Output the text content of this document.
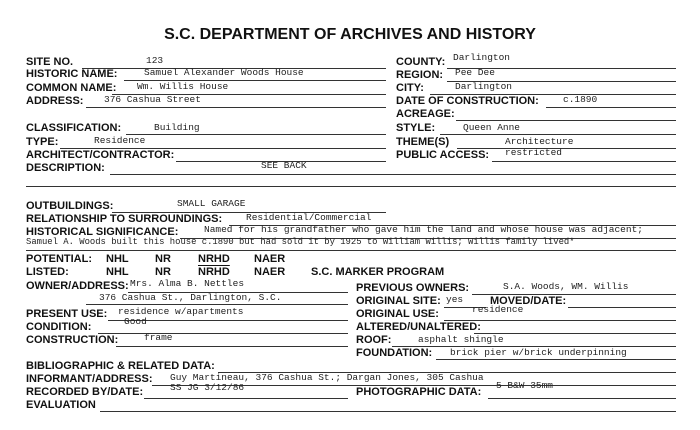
S.C. DEPARTMENT OF ARCHIVES AND HISTORY
SITE NO.	123
HISTORIC NAME:	Samuel Alexander Woods House
COMMON NAME: Wm. Willis House
ADDRESS: 376 Cashua Street
COUNTY: Darlington
REGION: Pee Dee
CITY:	Darlington
DATE OF CONSTRUCTION:	c.1890
ACREAGE:
CLASSIFICATION:	Building
TYPE:	Residence
ARCHITECT/CONTRACTOR:
DESCRIPTION:	SEE BACK
STYLE:	Queen Anne
THEME(S)	Architecture
PUBLIC ACCESS: restricted
OUTBUILDINGS:	SMALL GARAGE
RELATIONSHIP TO SURROUNDINGS:	Residential/Commercial
HISTORICAL SIGNIFICANCE:	Named for his grandfather who gave him the land and whose house was adjacent;
Samuel A. Woods built this house c.1890 but had sold it by 1925 to William Willis; Willis family lived*
POTENTIAL: NHL NR NRHD NAER
LISTED:	NHL NR NRHD NAER S.C. MARKER PROGRAM
OWNER/ADDRESS: Mrs. Alma B. Nettles
376 Cashua St., Darlington, S.C.
PRESENT USE: residence w/apartments
CONDITION:	Good
CONSTRUCTION:	frame
PREVIOUS OWNERS:	S.A. Woods, WM. Willis
ORIGINAL SITE: yes MOVED/DATE:
ORIGINAL USE:	residence
ALTERED/UNALTERED:
ROOF:	asphalt shingle
FOUNDATION: brick pier w/brick underpinning
BIBLIOGRAPHIC & RELATED DATA:
INFORMANT/ADDRESS: Guy Martineau, 376 Cashua St.; Dargan Jones, 305 Cashua
RECORDED BY/DATE:	SS JG 3/12/86	PHOTOGRAPHIC DATA:
5 B&W 35mm
EVALUATION
